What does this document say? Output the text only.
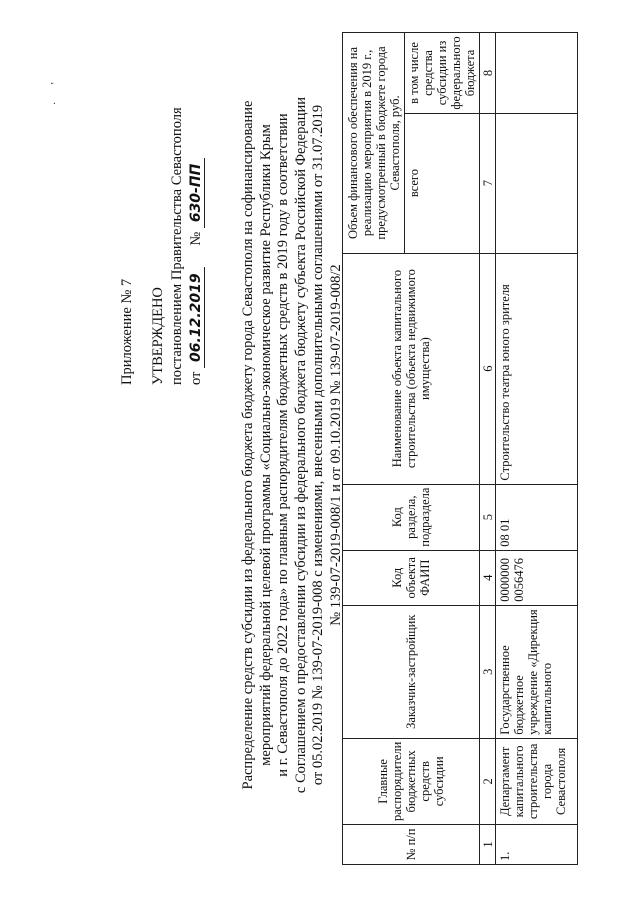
·       '
Приложение № 7 УТВЕРЖДЕНО постановлением Правительства Севастополя от 06.12.2019      № 630-ПП Распределение средств субсидии из федерального бюджета бюджету города Севастополя на софинансирование мероприятий федеральной целевой программы «Социально-экономическое развитие Республики Крым и г. Севастополя до 2022 года» по главным распорядителям бюджетных средств в 2019 году в соответствии с Соглашением о предоставлении субсидии из федерального бюджета бюджету субъекта Российской Федерации от 05.02.2019 № 139-07-2019-008 с изменениями, внесенными дополнительными соглашениями от 31.07.2019 № 139-07-2019-008/1 и от 09.10.2019 № 139-07-2019-008/2
№ п/п	Главные распорядители бюджетных средств субсидии	Заказчик-застройщик	Код объекта ФАИП	Код раздела, подраздела	Наименование объекта капитального строительства (объекта недвижимого имущества)	Объем финансового обеспечения на реализацию мероприятия в 2019 г., предусмотренный в бюджете города Севастополя, руб.	
						всего	в том числе средства субсидии из федерального бюджета
1	2	3	4	5	6	7	8
1.	Департамент капитального строительства города Севастополя	Государственное бюджетное учреждение «Дирекция капитального	0000000 0056476	08 01	Строительство театра юного зрителя		
